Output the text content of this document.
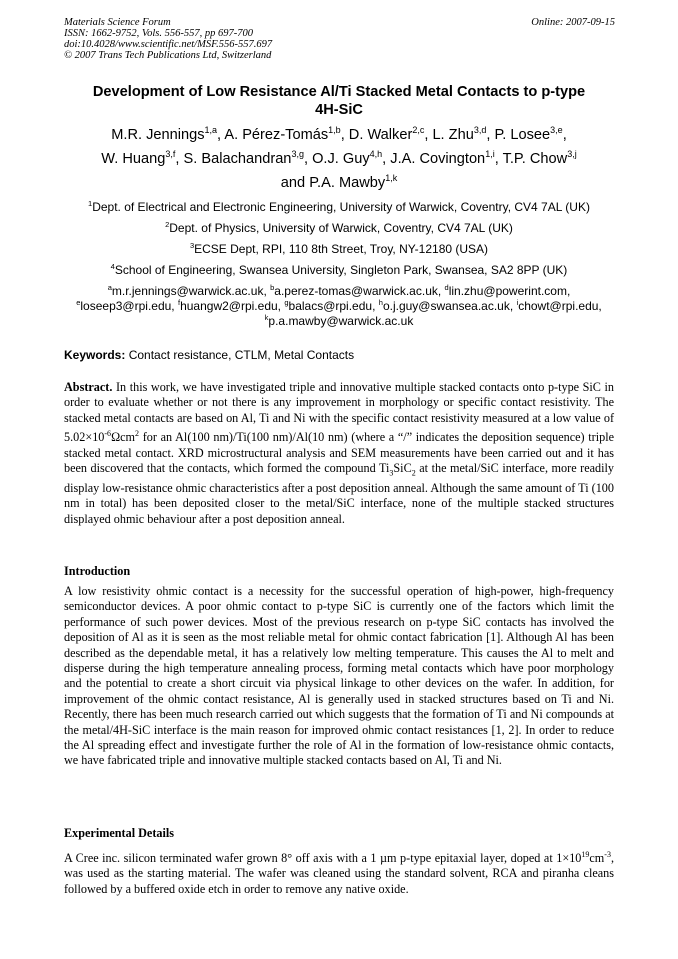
Materials Science Forum
ISSN: 1662-9752, Vols. 556-557, pp 697-700
doi:10.4028/www.scientific.net/MSF.556-557.697
© 2007 Trans Tech Publications Ltd, Switzerland
Online: 2007-09-15
Development of Low Resistance Al/Ti Stacked Metal Contacts to p-type
4H-SiC
M.R. Jennings$^{1,a}$, A. Pérez-Tomás$^{1,b}$, D. Walker$^{2,c}$, L. Zhu$^{3,d}$, P. Losee$^{3,e}$,
W. Huang$^{3,f}$, S. Balachandran$^{3,g}$, O.J. Guy$^{4,h}$, J.A. Covington$^{1,i}$, T.P. Chow$^{3,j}$
and P.A. Mawby$^{1,k}$
$^1$Dept. of Electrical and Electronic Engineering, University of Warwick, Coventry, CV4 7AL (UK)
$^2$Dept. of Physics, University of Warwick, Coventry, CV4 7AL (UK)
$^3$ECSE Dept, RPI, 110 8th Street, Troy, NY-12180 (USA)
$^4$School of Engineering, Swansea University, Singleton Park, Swansea, SA2 8PP (UK)
$^a$m.r.jennings@warwick.ac.uk, $^b$a.perez-tomas@warwick.ac.uk, $^d$lin.zhu@powerint.com,
$^e$loseep3@rpi.edu, $^f$huangw2@rpi.edu, $^g$balacs@rpi.edu, $^h$o.j.guy@swansea.ac.uk, $^i$chowt@rpi.edu,
$^k$p.a.mawby@warwick.ac.uk
Keywords: Contact resistance, CTLM, Metal Contacts
Abstract. In this work, we have investigated triple and innovative multiple stacked contacts onto p-type SiC in order to evaluate whether or not there is any improvement in morphology or specific contact resistivity. The stacked metal contacts are based on Al, Ti and Ni with the specific contact resistivity measured at a low value of $5.02\times 10^{-6}\Omega cm^2$ for an Al(100 nm)/Ti(100 nm)/Al(10 nm) (where a “/” indicates the deposition sequence) triple stacked metal contact. XRD microstructural analysis and SEM measurements have been carried out and it has been discovered that the contacts, which formed the compound $Ti_3SiC_2$ at the metal/SiC interface, more readily display low-resistance ohmic characteristics after a post deposition anneal. Although the same amount of Ti (100 nm in total) has been deposited closer to the metal/SiC interface, none of the multiple stacked structures displayed ohmic behaviour after a post deposition anneal.
Introduction
A low resistivity ohmic contact is a necessity for the successful operation of high-power, high-frequency semiconductor devices. A poor ohmic contact to p-type SiC is currently one of the factors which limit the performance of such power devices. Most of the previous research on p-type SiC contacts has involved the deposition of Al as it is seen as the most reliable metal for ohmic contact fabrication [1]. Although Al has been described as the dependable metal, it has a relatively low melting temperature. This causes the Al to melt and disperse during the high temperature annealing process, forming metal contacts which have poor morphology and the potential to create a short circuit via physical linkage to other devices on the wafer. In addition, for improvement of the ohmic contact resistance, Al is generally used in stacked structures based on Ti and Ni. Recently, there has been much research carried out which suggests that the formation of Ti and Ni compounds at the metal/4H-SiC interface is the main reason for improved ohmic contact resistances [1, 2]. In order to reduce the Al spreading effect and investigate further the role of Al in the formation of low-resistance ohmic contacts, we have fabricated triple and innovative multiple stacked contacts based on Al, Ti and Ni.
Experimental Details
A Cree inc. silicon terminated wafer grown 8° off axis with a 1 µm p-type epitaxial layer, doped at $1\times 10^{19}cm^{-3}$, was used as the starting material. The wafer was cleaned using the standard solvent, RCA and piranha cleans followed by a buffered oxide etch in order to remove any native oxide.
